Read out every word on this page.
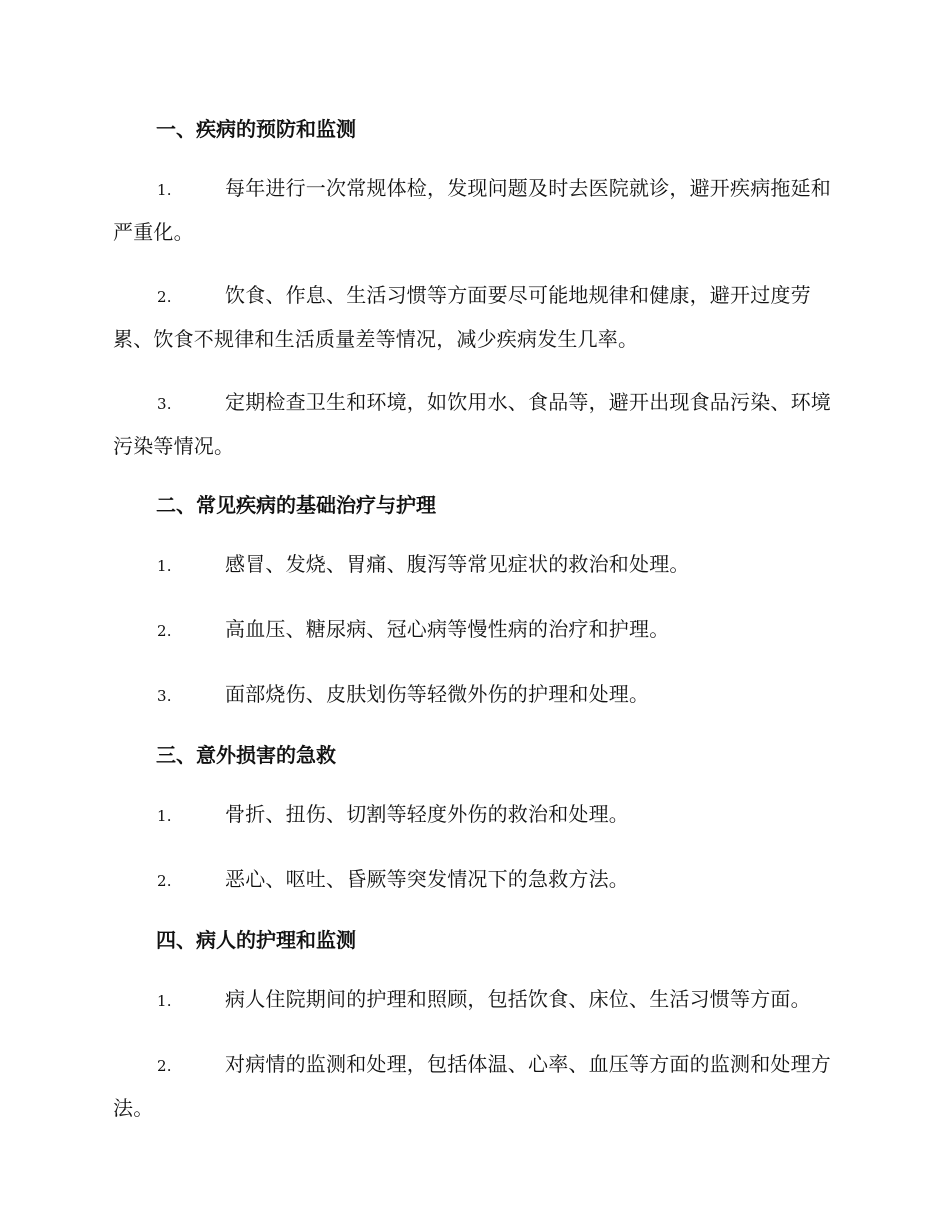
一、疾病的预防和监测
1.	每年进行一次常规体检，发现问题及时去医院就诊，避开疾病拖延和严重化。
2.	饮食、作息、生活习惯等方面要尽可能地规律和健康，避开过度劳累、饮食不规律和生活质量差等情况，减少疾病发生几率。
3.	定期检查卫生和环境，如饮用水、食品等，避开出现食品污染、环境污染等情况。
二、常见疾病的基础治疗与护理
1.	感冒、发烧、胃痛、腹泻等常见症状的救治和处理。
2.	高血压、糖尿病、冠心病等慢性病的治疗和护理。
3.	面部烧伤、皮肤划伤等轻微外伤的护理和处理。
三、意外损害的急救
1.	骨折、扭伤、切割等轻度外伤的救治和处理。
2.	恶心、呕吐、昏厥等突发情况下的急救方法。
四、病人的护理和监测
1.	病人住院期间的护理和照顾，包括饮食、床位、生活习惯等方面。
2.	对病情的监测和处理，包括体温、心率、血压等方面的监测和处理方法。
